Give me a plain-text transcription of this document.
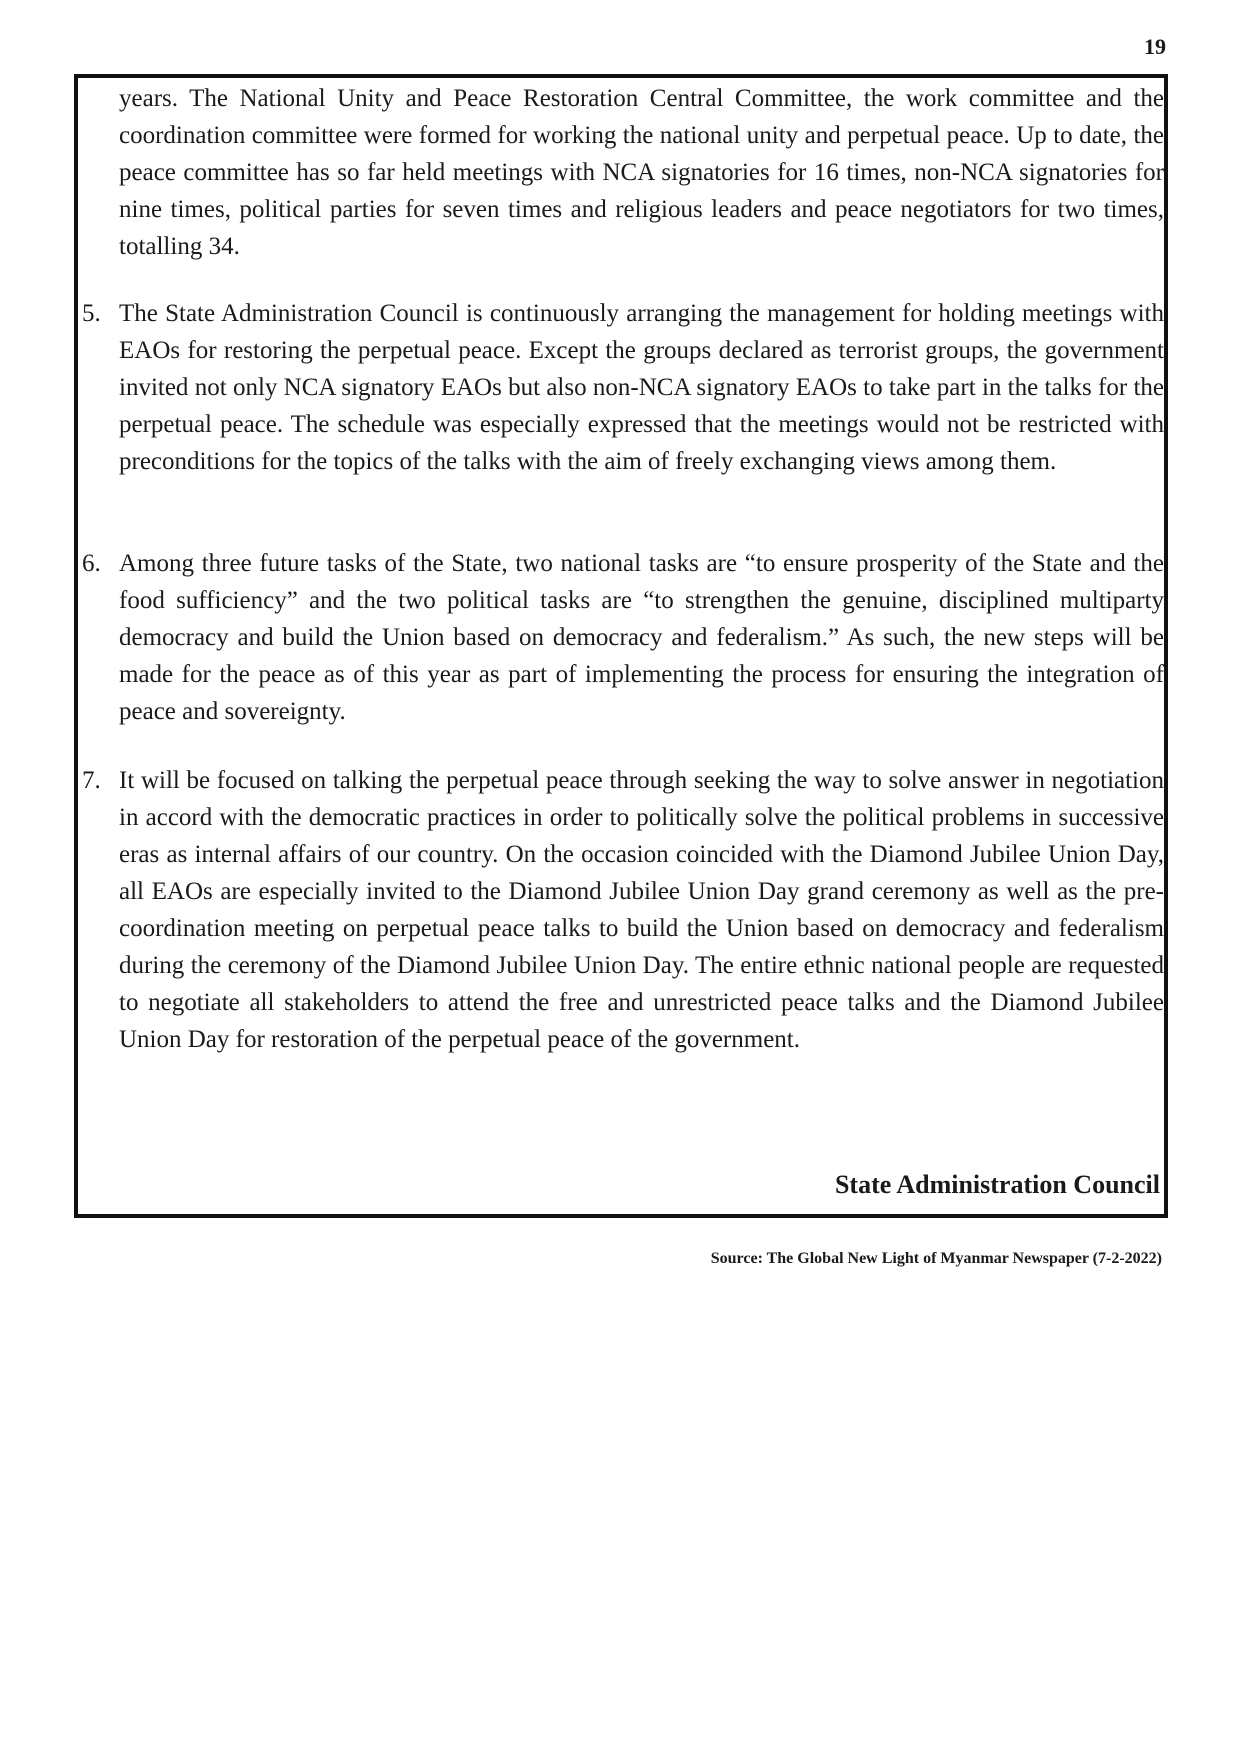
19

years. The National Unity and Peace Restoration Central Committee, the work committee and the coordination committee were formed for working the national unity and perpetual peace. Up to date, the peace committee has so far held meetings with NCA signatories for 16 times, non-NCA signatories for nine times, political parties for seven times and religious leaders and peace negotiators for two times, totalling 34.

5. The State Administration Council is continuously arranging the management for holding meetings with EAOs for restoring the perpetual peace. Except the groups declared as terrorist groups, the government invited not only NCA signatory EAOs but also non-NCA signatory EAOs to take part in the talks for the perpetual peace. The schedule was especially expressed that the meetings would not be restricted with preconditions for the topics of the talks with the aim of freely exchanging views among them.

6. Among three future tasks of the State, two national tasks are “to ensure prosperity of the State and the food sufficiency” and the two political tasks are “to strengthen the genuine, disciplined multiparty democracy and build the Union based on democracy and federalism.” As such, the new steps will be made for the peace as of this year as part of implementing the process for ensuring the integration of peace and sovereignty.

7. It will be focused on talking the perpetual peace through seeking the way to solve answer in negotiation in accord with the democratic practices in order to politically solve the political problems in successive eras as internal affairs of our country. On the occasion coincided with the Diamond Jubilee Union Day, all EAOs are especially invited to the Diamond Jubilee Union Day grand ceremony as well as the pre-coordination meeting on perpetual peace talks to build the Union based on democracy and federalism during the ceremony of the Diamond Jubilee Union Day. The entire ethnic national people are requested to negotiate all stakeholders to attend the free and unrestricted peace talks and the Diamond Jubilee Union Day for restoration of the perpetual peace of the government.

State Administration Council
Source: The Global New Light of Myanmar Newspaper (7-2-2022)
